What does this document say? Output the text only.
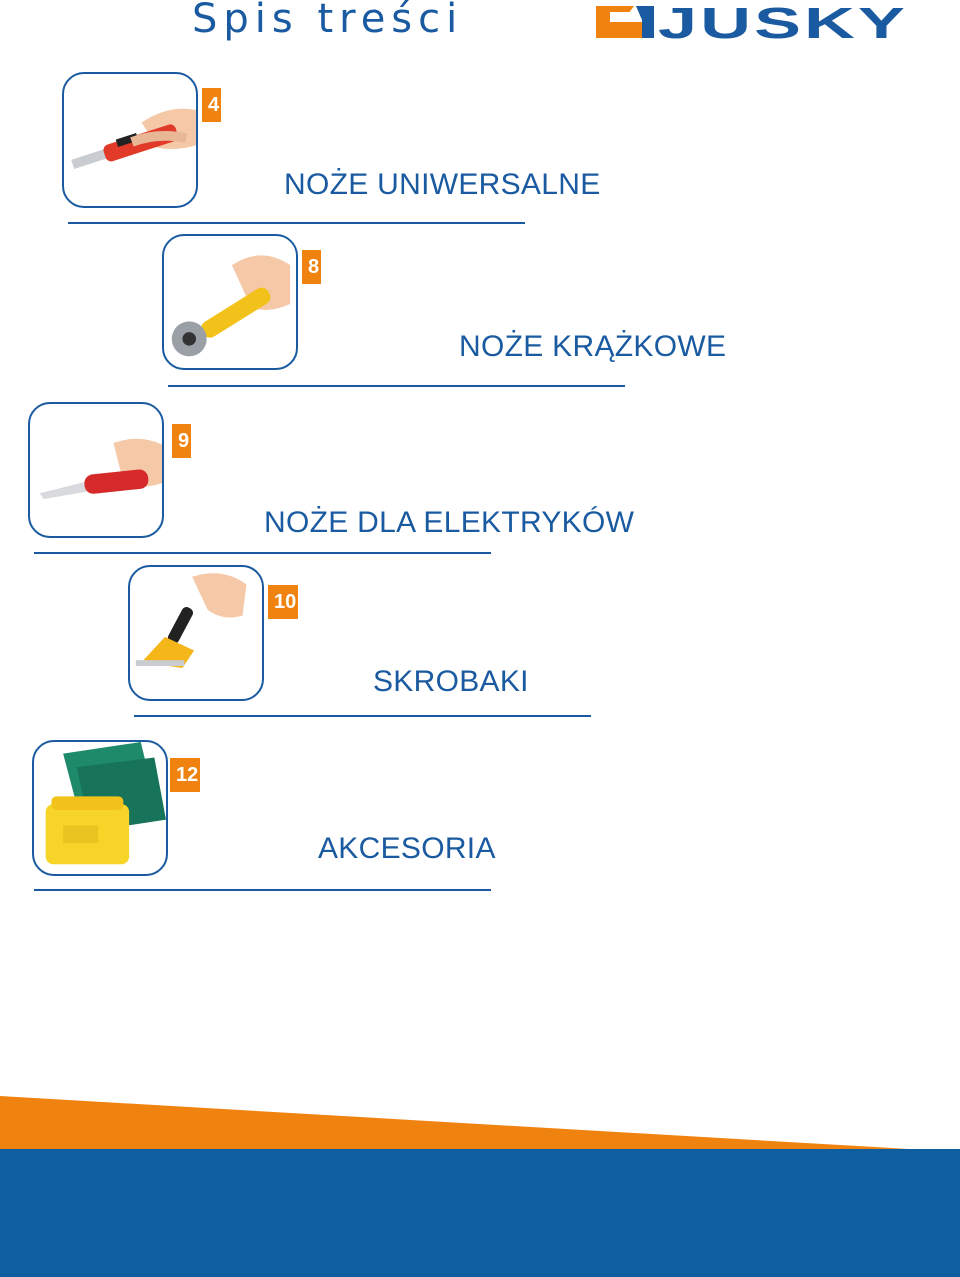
Spis treści	JUSKY
4
NOŻE UNIWERSALNE
8
NOŻE KRĄŻKOWE
9
NOŻE DLA ELEKTRYKÓW
10
SKROBAKI
12
AKCESORIA
